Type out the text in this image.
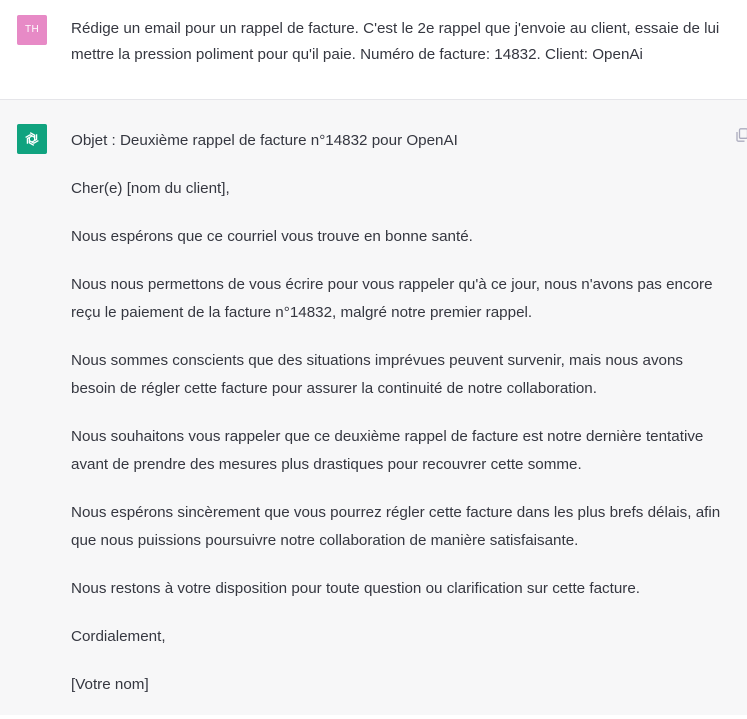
TH	Rédige un email pour un rappel de facture. C'est le 2e rappel que j'envoie au client, essaie de lui mettre la pression poliment pour qu'il paie. Numéro de facture: 14832. Client: OpenAi

Objet : Deuxième rappel de facture n°14832 pour OpenAI

Cher(e) [nom du client],

Nous espérons que ce courriel vous trouve en bonne santé.

Nous nous permettons de vous écrire pour vous rappeler qu'à ce jour, nous n'avons pas encore reçu le paiement de la facture n°14832, malgré notre premier rappel.

Nous sommes conscients que des situations imprévues peuvent survenir, mais nous avons besoin de régler cette facture pour assurer la continuité de notre collaboration.

Nous souhaitons vous rappeler que ce deuxième rappel de facture est notre dernière tentative avant de prendre des mesures plus drastiques pour recouvrer cette somme.

Nous espérons sincèrement que vous pourrez régler cette facture dans les plus brefs délais, afin que nous puissions poursuivre notre collaboration de manière satisfaisante.

Nous restons à votre disposition pour toute question ou clarification sur cette facture.

Cordialement,

[Votre nom]
